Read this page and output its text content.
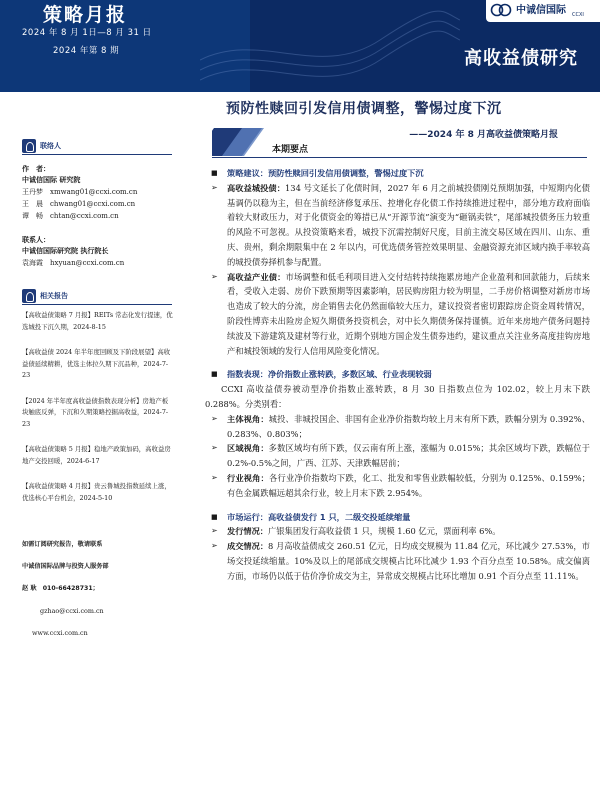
策略月报
2024 年 8 月 1日—8 月 31 日
2024 年第 8 期
中诚信国际 CCXI
高收益债研究
预防性赎回引发信用债调整，警惕过度下沉
——2024 年 8 月高收益债策略月报
联络人
作　者：
中诚信国际 研究院
王丹梦　xmwang01@ccxi.com.cn
王　晨　chwang01@ccxi.com.cn
谭　畅　chtan@ccxi.com.cn
联系人：
中诚信国际研究院 执行院长
袁海霞　hxyuan@ccxi.com.cn
相关报告
【高收益债策略 7 月报】REITs 常态化发行提速，优选城投下沉久期，2024-8-15
【高收益债 2024 年半年度回顾及下阶段展望】高收益债延续精耕，优选主体拉久期下沉品种，2024-7-23
【2024 年半年度高收益债指数表现分析】房地产板块触底反弹，下沉和久期策略控掘高收益，2024-7-23
【高收益债策略 5 月报】稳地产政策加码，高收益房地产交投回暖，2024-6-17
【高收益债策略 4 月报】贵云鲁城投指数延续上涨，优选核心平台机会，2024-5-10
如需订阅研究报告，敬请联系
中诚信国际品牌与投资人服务部
赵 耿　010-66428731；
gzhao@ccxi.com.cn
www.ccxi.com.cn
本期要点
■ 策略建议：预防性赎回引发信用债调整，警惕过度下沉
➢ 高收益城投债：134 号文延长了化债时间，2027 年 6 月之前城投债刚兑预期加强，中短期内化债基调仍以稳为主，但在当前经济修复承压、控增化存化债工作持续推进过程中，部分地方政府面临着较大财政压力，对于化债资金的筹措已从“开源节流”演变为“砸锅卖铁”，尾部城投债务压力较重的风险不可忽视。从投资策略来看，城投下沉需控制好尺度，目前主流交易区域在四川、山东、重庆、贵州，剩余期限集中在 2 年以内，可优选债务管控效果明显、金融资源充沛区域内换手率较高的城投债券择机参与配置。
➢ 高收益产业债：市场调整和低毛利项目进入交付结转持续拖累房地产企业盈利和回款能力，后续来看，受收入走弱、房价下跌预期等因素影响，居民购房阻力较为明显，二手房价格调整对新房市场也造成了较大的分流，房企销售去化仍然面临较大压力，建议投资者密切跟踪房企资金周转情况，阶段性博弈未出险房企短久期债务投资机会，对中长久期债务保持谨慎。近年来房地产债务问题持续波及下游建筑及建材等行业，近期个别地方国企发生债券违约，建议重点关注业务高度挂钩房地产和城投领域的发行人信用风险变化情况。
■ 指数表现：净价指数止涨转跌，多数区域、行业表现较弱
CCXI 高收益债券被动型净价指数止涨转跌，8 月 30 日指数点位为 102.02，较上月末下跌 0.288%。分类别看：
➢ 主体视角：城投、非城投国企、非国有企业净价指数均较上月末有所下跌，跌幅分别为 0.392%、0.283%、0.803%；
➢ 区域视角：多数区域均有所下跌，仅云南有所上涨，涨幅为 0.015%；其余区域均下跌，跌幅位于 0.2%-0.5%之间，广西、江苏、天津跌幅居前；
➢ 行业视角：各行业净价指数均下跌，化工、批发和零售业跌幅较低，分别为 0.125%、0.159%；有色金属跌幅远超其余行业，较上月末下跌 2.954%。
■ 市场运行：高收益债发行 1 只，二级交投延续缩量
➢ 发行情况：广银集团发行高收益债 1 只，规模 1.60 亿元，票面利率 6%。
➢ 成交情况：8 月高收益债成交 260.51 亿元，日均成交规模为 11.84 亿元，环比减少 27.53%，市场交投延续缩量。10%及以上的尾部成交规模占比环比减少 1.93 个百分点至 10.58%。成交偏离方面，市场仍以低于估价净价成交为主，异常成交规模占比环比增加 0.91 个百分点至 11.11%。
